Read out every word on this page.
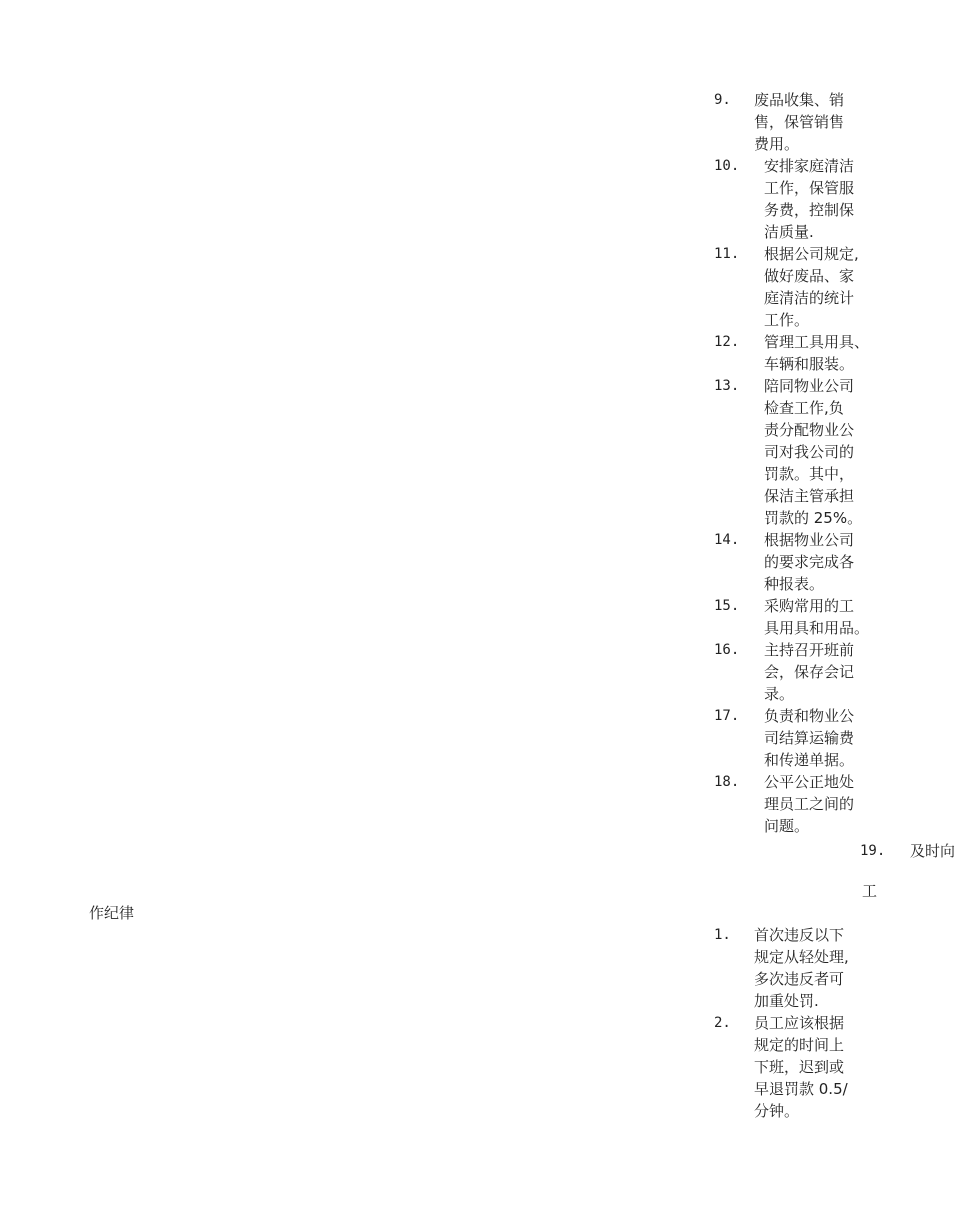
9. 废品收集、销
售，保管销售
费用。
10. 安排家庭清洁
工作，保管服
务费，控制保
洁质量.
11. 根据公司规定,
做好废品、家
庭清洁的统计
工作。
12. 管理工具用具、
车辆和服装。
13. 陪同物业公司
检查工作,负
责分配物业公
司对我公司的
罚款。其中，
保洁主管承担
罚款的 25%。
14. 根据物业公司
的要求完成各
种报表。
15. 采购常用的工
具用具和用品。
16. 主持召开班前
会，保存会记
录。
17. 负责和物业公
司结算运输费
和传递单据。
18. 公平公正地处
理员工之间的
问题。
19. 及时向
工
作纪律
1. 首次违反以下
规定从轻处理,
多次违反者可
加重处罚.
2. 员工应该根据
规定的时间上
下班，迟到或
早退罚款 0.5/
分钟。
